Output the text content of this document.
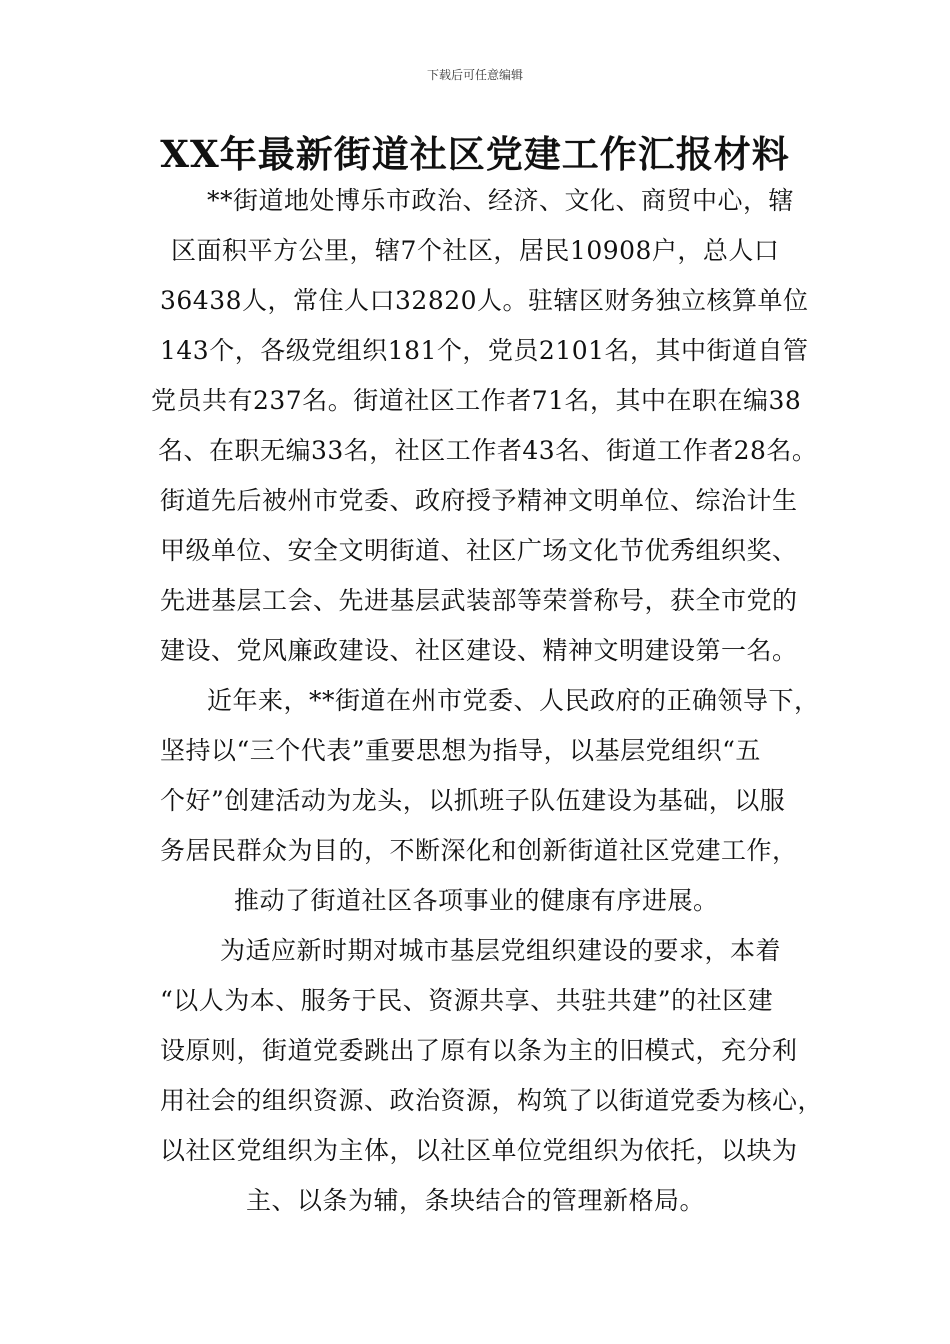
下载后可任意编辑
XX年最新街道社区党建工作汇报材料
**街道地处博乐市政治、经济、文化、商贸中心，辖
区面积平方公里，辖7个社区，居民10908户，总人口
36438人，常住人口32820人。驻辖区财务独立核算单位
143个，各级党组织181个，党员2101名，其中街道自管
党员共有237名。街道社区工作者71名，其中在职在编38
名、在职无编33名，社区工作者43名、街道工作者28名。
街道先后被州市党委、政府授予精神文明单位、综治计生
甲级单位、安全文明街道、社区广场文化节优秀组织奖、
先进基层工会、先进基层武装部等荣誉称号，获全市党的
建设、党风廉政建设、社区建设、精神文明建设第一名。
近年来，**街道在州市党委、人民政府的正确领导下，
坚持以“三个代表”重要思想为指导，以基层党组织“五
个好”创建活动为龙头，以抓班子队伍建设为基础，以服
务居民群众为目的，不断深化和创新街道社区党建工作，
推动了街道社区各项事业的健康有序进展。
为适应新时期对城市基层党组织建设的要求，本着
“以人为本、服务于民、资源共享、共驻共建”的社区建
设原则，街道党委跳出了原有以条为主的旧模式，充分利
用社会的组织资源、政治资源，构筑了以街道党委为核心，
以社区党组织为主体，以社区单位党组织为依托，以块为
主、以条为辅，条块结合的管理新格局。
